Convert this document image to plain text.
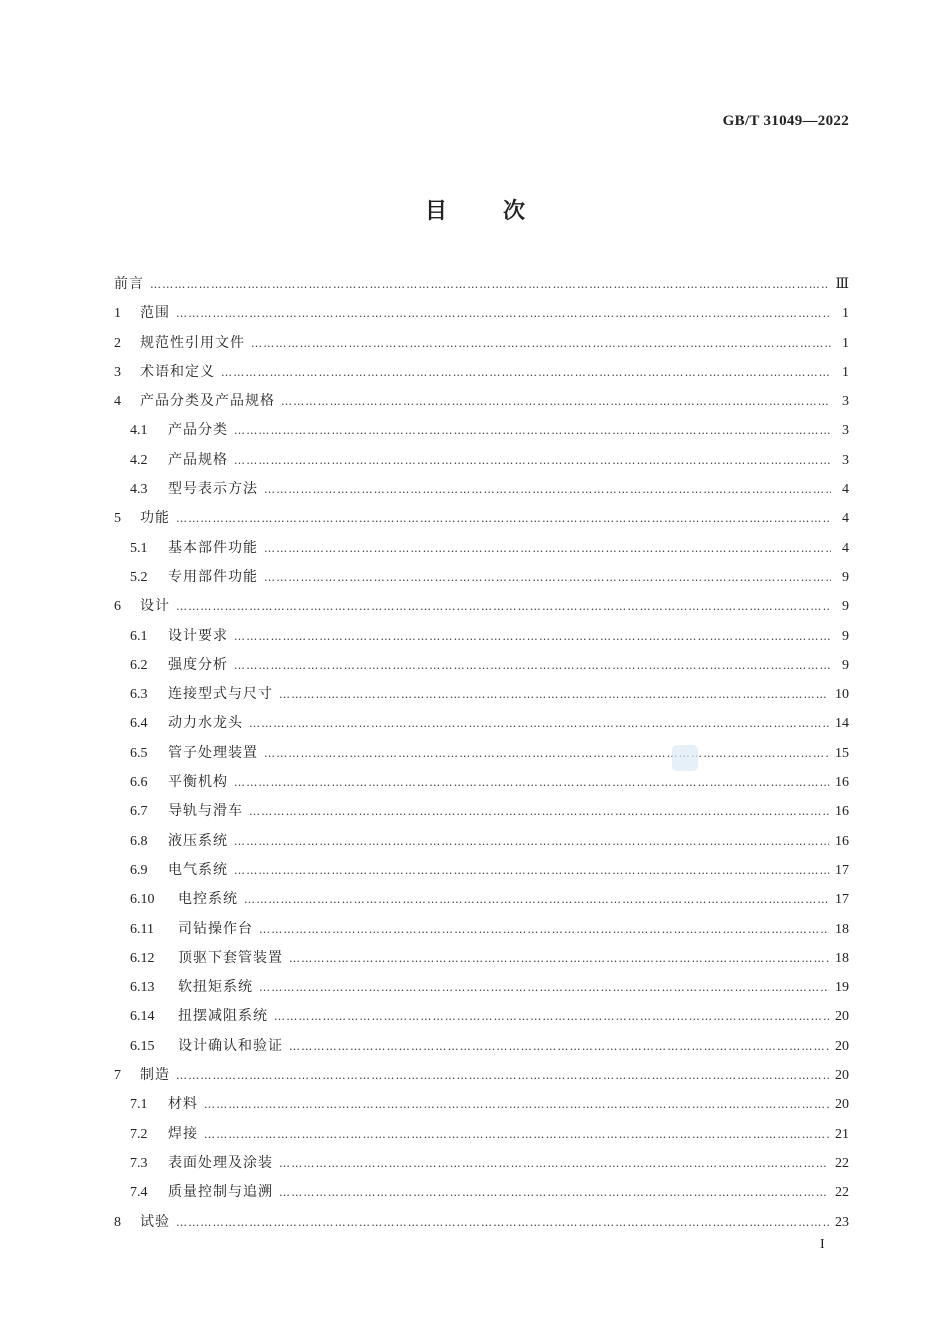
GB/T 31049—2022
目次
前言 …………………………………………………………………………………………………………………………………………………………………………………………………………	Ⅲ
1	范围 …………………………………………………………………………………………………………………………………………………………………………………………………………	1
2	规范性引用文件 …………………………………………………………………………………………………………………………………………………………………………………………………………	1
3	术语和定义 …………………………………………………………………………………………………………………………………………………………………………………………………………	1
4	产品分类及产品规格 …………………………………………………………………………………………………………………………………………………………………………………………………………	3
4.1	产品分类 …………………………………………………………………………………………………………………………………………………………………………………………………………	3
4.2	产品规格 …………………………………………………………………………………………………………………………………………………………………………………………………………	3
4.3	型号表示方法 …………………………………………………………………………………………………………………………………………………………………………………………………………	4
5	功能 …………………………………………………………………………………………………………………………………………………………………………………………………………	4
5.1	基本部件功能 …………………………………………………………………………………………………………………………………………………………………………………………………………	4
5.2	专用部件功能 …………………………………………………………………………………………………………………………………………………………………………………………………………	9
6	设计 …………………………………………………………………………………………………………………………………………………………………………………………………………	9
6.1	设计要求 …………………………………………………………………………………………………………………………………………………………………………………………………………	9
6.2	强度分析 …………………………………………………………………………………………………………………………………………………………………………………………………………	9
6.3	连接型式与尺寸 …………………………………………………………………………………………………………………………………………………………………………………………………………	10
6.4	动力水龙头 …………………………………………………………………………………………………………………………………………………………………………………………………………	14
6.5	管子处理装置 …………………………………………………………………………………………………………………………………………………………………………………………………………	15
6.6	平衡机构 …………………………………………………………………………………………………………………………………………………………………………………………………………	16
6.7	导轨与滑车 …………………………………………………………………………………………………………………………………………………………………………………………………………	16
6.8	液压系统 …………………………………………………………………………………………………………………………………………………………………………………………………………	16
6.9	电气系统 …………………………………………………………………………………………………………………………………………………………………………………………………………	17
6.10	电控系统 …………………………………………………………………………………………………………………………………………………………………………………………………………	17
6.11	司钻操作台 …………………………………………………………………………………………………………………………………………………………………………………………………………	18
6.12	顶驱下套管装置 …………………………………………………………………………………………………………………………………………………………………………………………………………	18
6.13	软扭矩系统 …………………………………………………………………………………………………………………………………………………………………………………………………………	19
6.14	扭摆减阻系统 …………………………………………………………………………………………………………………………………………………………………………………………………………	20
6.15	设计确认和验证 …………………………………………………………………………………………………………………………………………………………………………………………………………	20
7	制造 …………………………………………………………………………………………………………………………………………………………………………………………………………	20
7.1	材料 …………………………………………………………………………………………………………………………………………………………………………………………………………	20
7.2	焊接 …………………………………………………………………………………………………………………………………………………………………………………………………………	21
7.3	表面处理及涂装 …………………………………………………………………………………………………………………………………………………………………………………………………………	22
7.4	质量控制与追溯 …………………………………………………………………………………………………………………………………………………………………………………………………………	22
8	试验 …………………………………………………………………………………………………………………………………………………………………………………………………………	23
I
